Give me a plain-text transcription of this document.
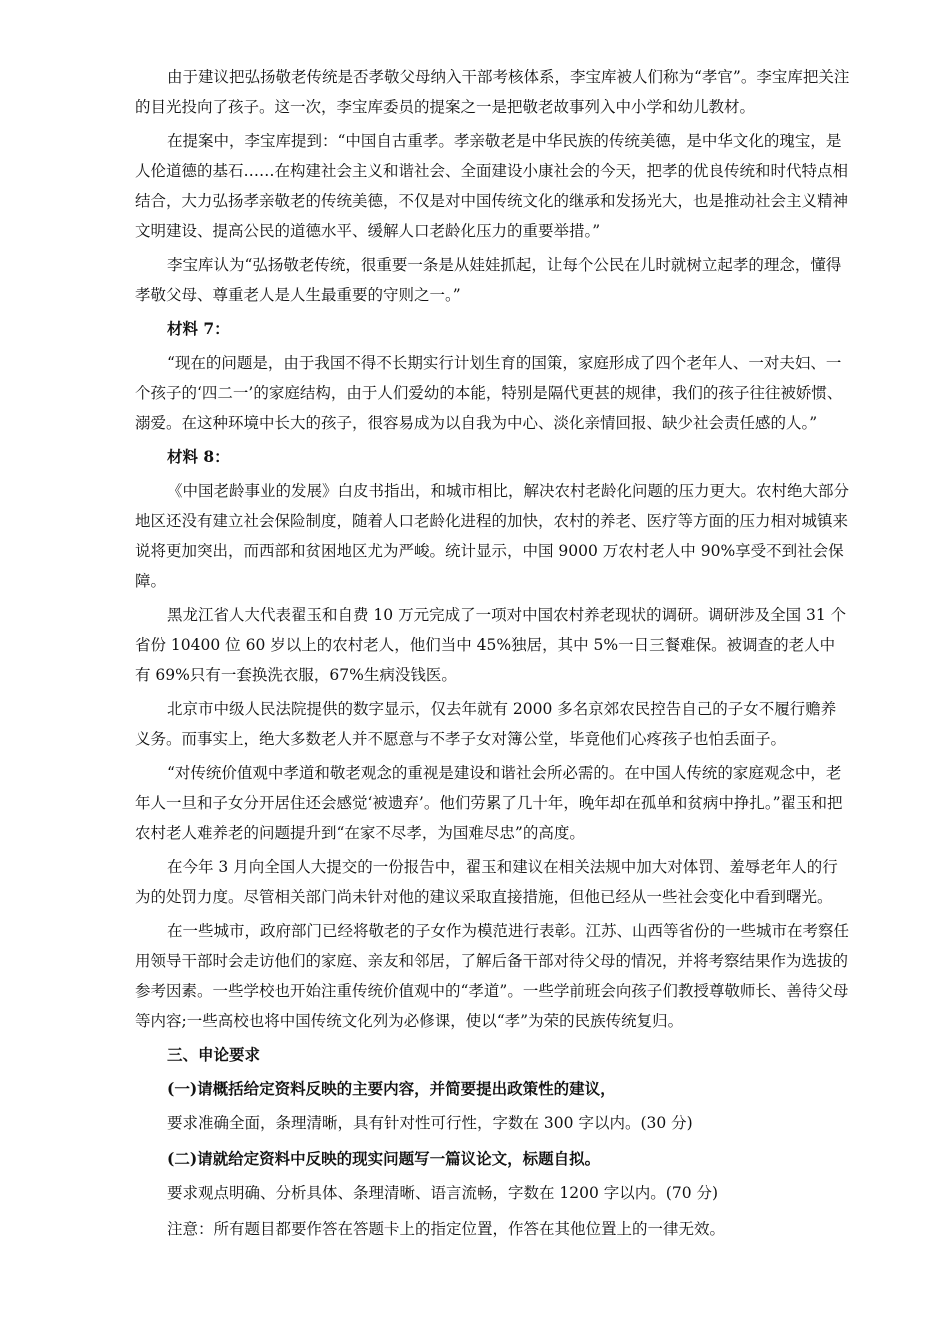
由于建议把弘扬敬老传统是否孝敬父母纳入干部考核体系，李宝库被人们称为“孝官”。李宝库把关注的目光投向了孩子。这一次，李宝库委员的提案之一是把敬老故事列入中小学和幼儿教材。

在提案中，李宝库提到：“中国自古重孝。孝亲敬老是中华民族的传统美德，是中华文化的瑰宝，是人伦道德的基石……在构建社会主义和谐社会、全面建设小康社会的今天，把孝的优良传统和时代特点相结合，大力弘扬孝亲敬老的传统美德，不仅是对中国传统文化的继承和发扬光大，也是推动社会主义精神文明建设、提高公民的道德水平、缓解人口老龄化压力的重要举措。”

李宝库认为“弘扬敬老传统，很重要一条是从娃娃抓起，让每个公民在儿时就树立起孝的理念，懂得孝敬父母、尊重老人是人生最重要的守则之一。”

材料 7：

“现在的问题是，由于我国不得不长期实行计划生育的国策，家庭形成了四个老年人、一对夫妇、一个孩子的‘四二一’的家庭结构，由于人们爱幼的本能，特别是隔代更甚的规律，我们的孩子往往被娇惯、溺爱。在这种环境中长大的孩子，很容易成为以自我为中心、淡化亲情回报、缺少社会责任感的人。”

材料 8：

《中国老龄事业的发展》白皮书指出，和城市相比，解决农村老龄化问题的压力更大。农村绝大部分地区还没有建立社会保险制度，随着人口老龄化进程的加快，农村的养老、医疗等方面的压力相对城镇来说将更加突出，而西部和贫困地区尤为严峻。统计显示，中国 9000 万农村老人中 90%享受不到社会保障。

黑龙江省人大代表翟玉和自费 10 万元完成了一项对中国农村养老现状的调研。调研涉及全国 31 个省份 10400 位 60 岁以上的农村老人，他们当中 45%独居，其中 5%一日三餐难保。被调查的老人中有 69%只有一套换洗衣服，67%生病没钱医。

北京市中级人民法院提供的数字显示，仅去年就有 2000 多名京郊农民控告自己的子女不履行赡养义务。而事实上，绝大多数老人并不愿意与不孝子女对簿公堂，毕竟他们心疼孩子也怕丢面子。

“对传统价值观中孝道和敬老观念的重视是建设和谐社会所必需的。在中国人传统的家庭观念中，老年人一旦和子女分开居住还会感觉‘被遗弃’。他们劳累了几十年，晚年却在孤单和贫病中挣扎。”翟玉和把农村老人难养老的问题提升到“在家不尽孝，为国难尽忠”的高度。

在今年 3 月向全国人大提交的一份报告中，翟玉和建议在相关法规中加大对体罚、羞辱老年人的行为的处罚力度。尽管相关部门尚未针对他的建议采取直接措施，但他已经从一些社会变化中看到曙光。

在一些城市，政府部门已经将敬老的子女作为模范进行表彰。江苏、山西等省份的一些城市在考察任用领导干部时会走访他们的家庭、亲友和邻居，了解后备干部对待父母的情况，并将考察结果作为选拔的参考因素。一些学校也开始注重传统价值观中的“孝道”。一些学前班会向孩子们教授尊敬师长、善待父母等内容;一些高校也将中国传统文化列为必修课，使以“孝”为荣的民族传统复归。

三、申论要求

(一)请概括给定资料反映的主要内容，并简要提出政策性的建议，

要求准确全面，条理清晰，具有针对性可行性，字数在 300 字以内。(30 分)

(二)请就给定资料中反映的现实问题写一篇议论文，标题自拟。

要求观点明确、分析具体、条理清晰、语言流畅，字数在 1200 字以内。(70 分)

注意：所有题目都要作答在答题卡上的指定位置，作答在其他位置上的一律无效。
